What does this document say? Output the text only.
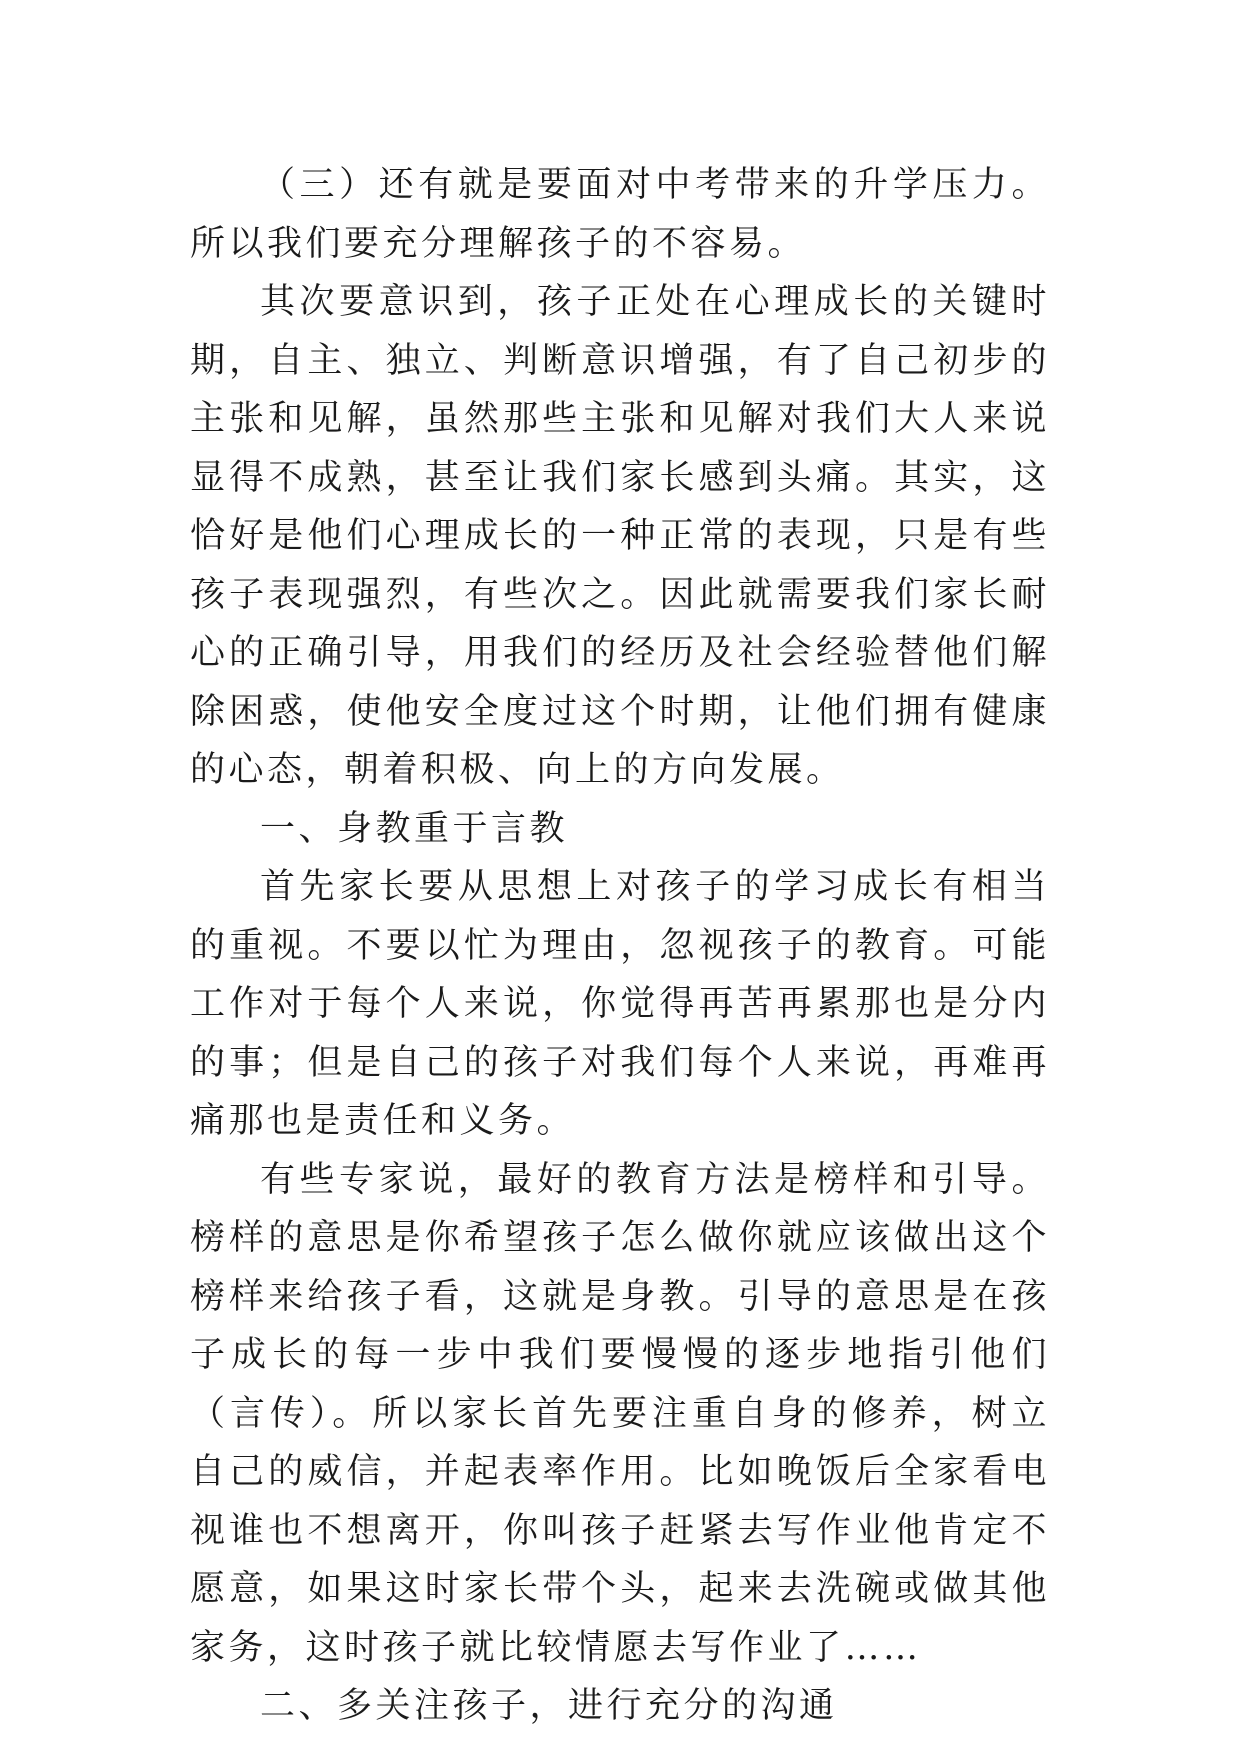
（三）还有就是要面对中考带来的升学压力。所以我们要充分理解孩子的不容易。

其次要意识到，孩子正处在心理成长的关键时期，自主、独立、判断意识增强，有了自己初步的主张和见解，虽然那些主张和见解对我们大人来说显得不成熟，甚至让我们家长感到头痛。其实，这恰好是他们心理成长的一种正常的表现，只是有些孩子表现强烈，有些次之。因此就需要我们家长耐心的正确引导，用我们的经历及社会经验替他们解除困惑，使他安全度过这个时期，让他们拥有健康的心态，朝着积极、向上的方向发展。

一、身教重于言教

首先家长要从思想上对孩子的学习成长有相当的重视。不要以忙为理由，忽视孩子的教育。可能工作对于每个人来说，你觉得再苦再累那也是分内的事；但是自己的孩子对我们每个人来说，再难再痛那也是责任和义务。

有些专家说，最好的教育方法是榜样和引导。榜样的意思是你希望孩子怎么做你就应该做出这个榜样来给孩子看，这就是身教。引导的意思是在孩子成长的每一步中我们要慢慢的逐步地指引他们（言传）。所以家长首先要注重自身的修养，树立自己的威信，并起表率作用。比如晚饭后全家看电视谁也不想离开，你叫孩子赶紧去写作业他肯定不愿意，如果这时家长带个头，起来去洗碗或做其他家务，这时孩子就比较情愿去写作业了……

二、多关注孩子，进行充分的沟通
